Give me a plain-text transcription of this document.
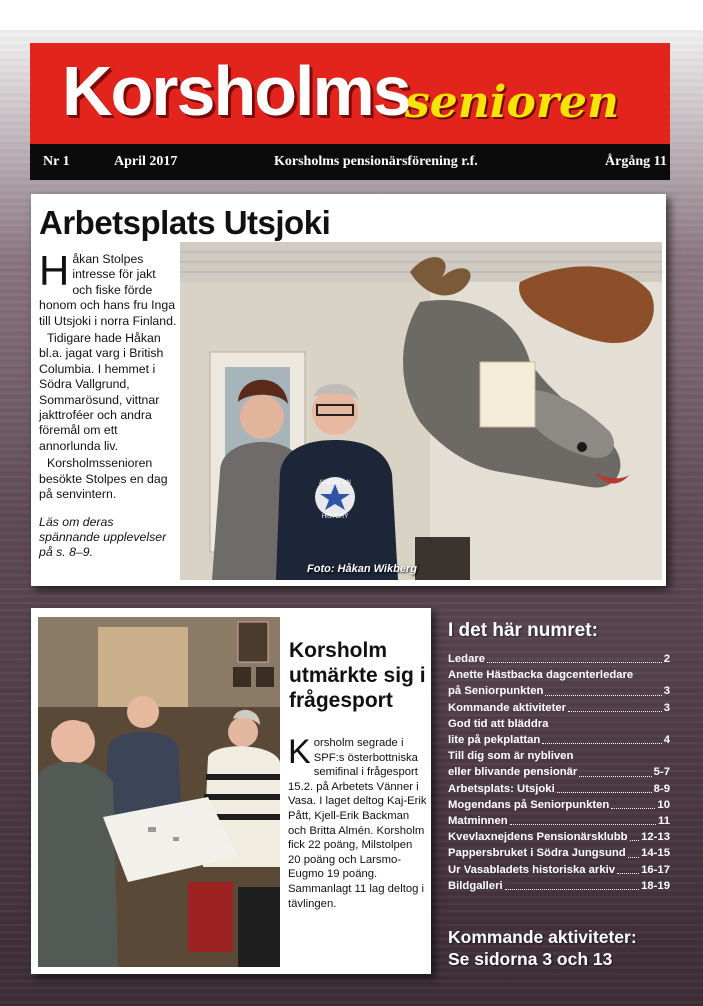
Korsholms
senioren
Nr 1	April 2017	Korsholms pensionärsförening r.f.	Årgång 11
Arbetsplats Utsjoki

Håkan Stolpes intresse för jakt och fiske förde honom och hans fru Inga till Utsjoki i norra Finland.

Tidigare hade Håkan bl.a. jagat varg i British Columbia. I hemmet i Södra Vallgrund, Sommarösund, vittnar jakttroféer och andra föremål om ett annorlunda liv.

Korsholmssenioren besökte Stolpes en dag på senvintern.

Läs om deras spännande upplevelser på s. 8–9.

AMERICAN
HISTORY
Foto: Håkan Wikberg
Korsholm utmärkte sig i frågesport
Korsholm segrade i SPF:s österbottniska semifinal i frågesport 15.2. på Arbetets Vänner i Vasa. I laget deltog Kaj-Erik Pått, Kjell-Erik Backman och Britta Almén. Korsholm fick 22 poäng, Milstolpen 20 poäng och Larsmo-Eugmo 19 poäng. Sammanlagt 11 lag deltog i tävlingen.
I det här numret:
Ledare	2
Anette Hästbacka dagcenterledare
på Seniorpunkten	3
Kommande aktiviteter	3
God tid att bläddra
lite på pekplattan	4
Till dig som är nybliven
eller blivande pensionär	5-7
Arbetsplats: Utsjoki	8-9
Mogendans på Seniorpunkten	10
Matminnen	11
Kvevlaxnejdens Pensionärsklubb 12-13
Pappersbruket i Södra Jungsund 14-15
Ur Vasabladets historiska arkiv 16-17
Bildgalleri	18-19
Kommande aktiviteter:
Se sidorna 3 och 13
